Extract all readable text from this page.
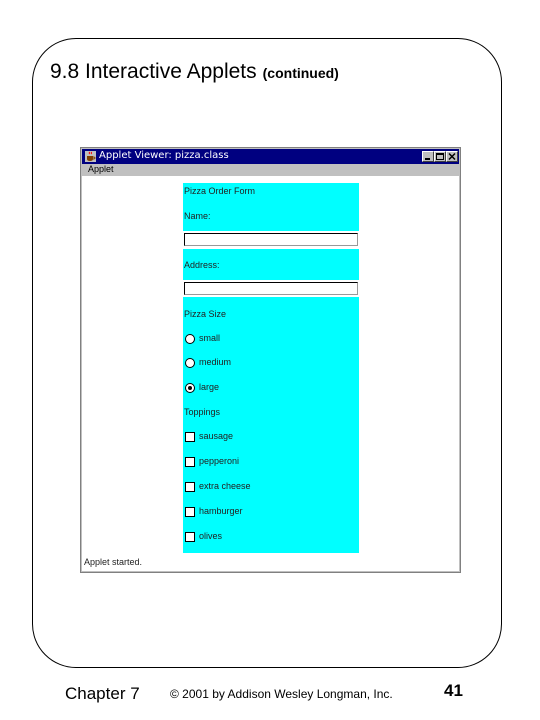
9.8 Interactive Applets (continued)
Applet Viewer: pizza.class
Applet
Pizza Order Form
Name:
Address:
Pizza Size
small
medium
large
Toppings
sausage
pepperoni
extra cheese
hamburger
olives
Applet started.
Chapter 7	© 2001 by Addison Wesley Longman, Inc.	41
